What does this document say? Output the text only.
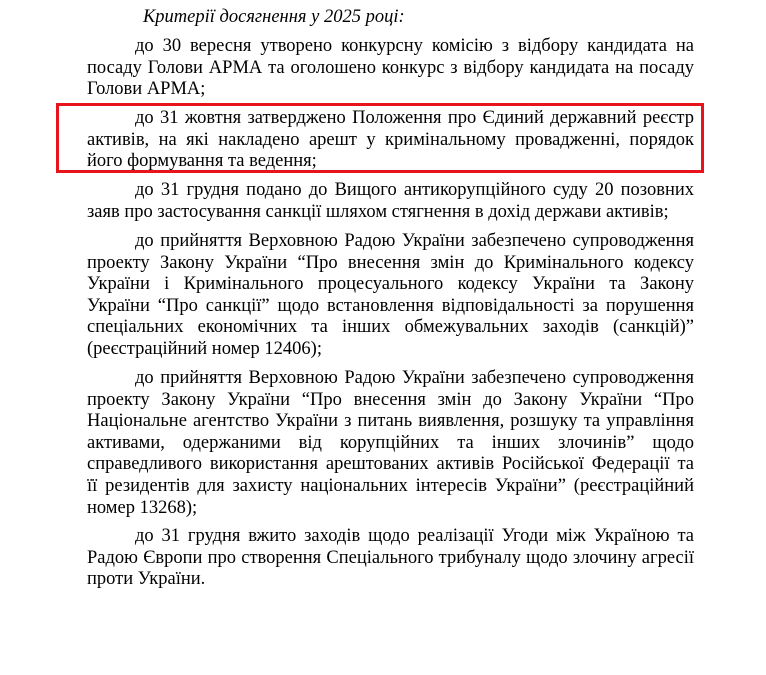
Критерії досягнення у 2025 році:
до 30 вересня утворено конкурсну комісію з відбору кандидата на
посаду Голови АРМА та оголошено конкурс з відбору кандидата на посаду
Голови АРМА;
до 31 жовтня затверджено Положення про Єдиний державний реєстр
активів, на які накладено арешт у кримінальному провадженні, порядок
його формування та ведення;
до 31 грудня подано до Вищого антикорупційного суду 20 позовних
заяв про застосування санкції шляхом стягнення в дохід держави активів;
до прийняття Верховною Радою України забезпечено супроводження
проекту Закону України “Про внесення змін до Кримінального кодексу
України і Кримінального процесуального кодексу України та Закону
України “Про санкції” щодо встановлення відповідальності за порушення
спеціальних економічних та інших обмежувальних заходів (санкцій)”
(реєстраційний номер 12406);
до прийняття Верховною Радою України забезпечено супроводження
проекту Закону України “Про внесення змін до Закону України “Про
Національне агентство України з питань виявлення, розшуку та управління
активами, одержаними від корупційних та інших злочинів” щодо
справедливого використання арештованих активів Російської Федерації та
її резидентів для захисту національних інтересів України” (реєстраційний
номер 13268);
до 31 грудня вжито заходів щодо реалізації Угоди між Україною та
Радою Європи про створення Спеціального трибуналу щодо злочину агресії
проти України.
